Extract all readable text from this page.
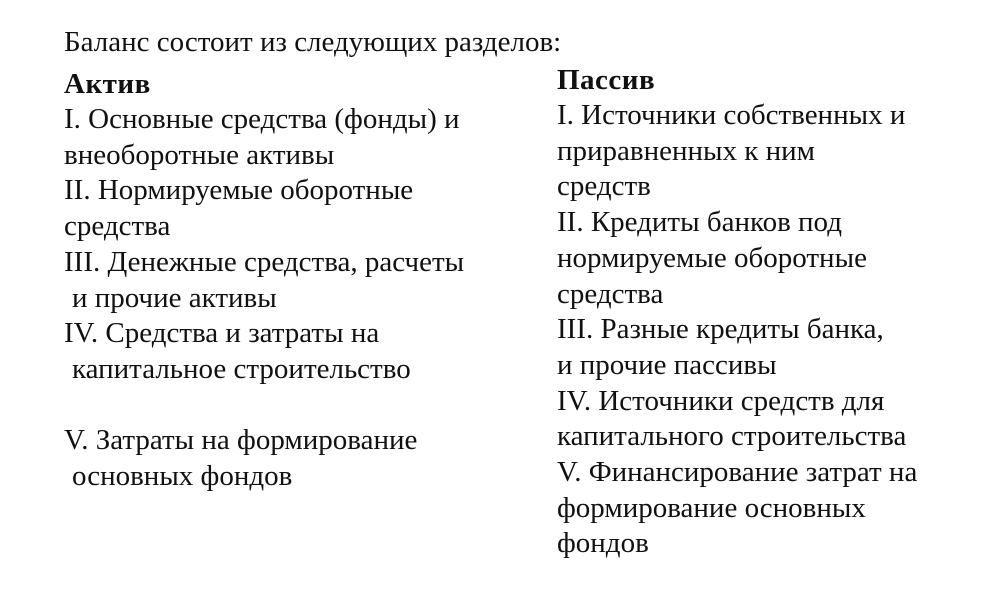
Баланс состоит из следующих разделов:
Актив
I. Основные средства (фонды) и
внеоборотные активы
II. Нормируемые оборотные
средства
III. Денежные средства, расчеты
и прочие активы
IV. Средства и затраты на
капитальное строительство
V. Затраты на формирование
основных фондов
Пассив
I. Источники собственных и
приравненных к ним
средств
II. Кредиты банков под
нормируемые оборотные
средства
III. Разные кредиты банка,
и прочие пассивы
IV. Источники средств для
капитального строительства
V. Финансирование затрат на
формирование основных
фондов
